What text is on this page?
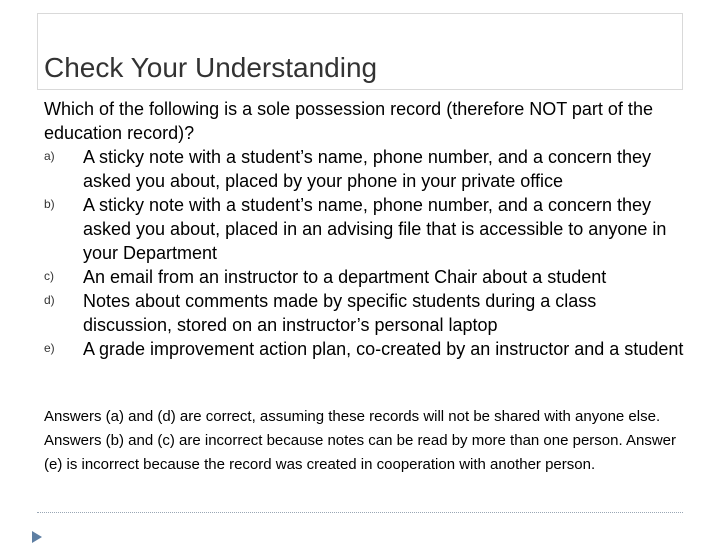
Check Your Understanding

Which of the following is a sole possession record (therefore NOT part of the education record)?

a) A sticky note with a student’s name, phone number, and a concern they asked you about, placed by your phone in your private office
b) A sticky note with a student’s name, phone number, and a concern they asked you about, placed in an advising file that is accessible to anyone in your Department
c) An email from an instructor to a department Chair about a student
d) Notes about comments made by specific students during a class discussion, stored on an instructor’s personal laptop
e) A grade improvement action plan, co-created by an instructor and a student

Answers (a) and (d) are correct, assuming these records will not be shared with anyone else. Answers (b) and (c) are incorrect because notes can be read by more than one person. Answer (e) is incorrect because the record was created in cooperation with another person.
